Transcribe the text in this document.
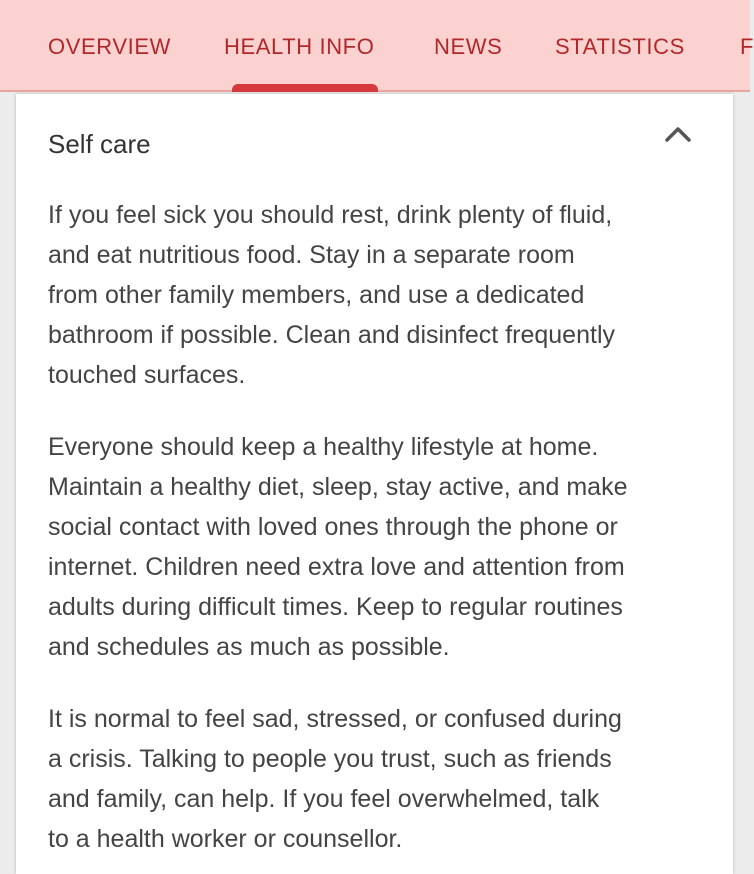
OVERVIEW HEALTH INFO	NEWS STATISTICS	F
Self care

If you feel sick you should rest, drink plenty of fluid,
and eat nutritious food. Stay in a separate room
from other family members, and use a dedicated
bathroom if possible. Clean and disinfect frequently
touched surfaces.

Everyone should keep a healthy lifestyle at home.
Maintain a healthy diet, sleep, stay active, and make
social contact with loved ones through the phone or
internet. Children need extra love and attention from
adults during difficult times. Keep to regular routines
and schedules as much as possible.

It is normal to feel sad, stressed, or confused during
a crisis. Talking to people you trust, such as friends
and family, can help. If you feel overwhelmed, talk
to a health worker or counsellor.
